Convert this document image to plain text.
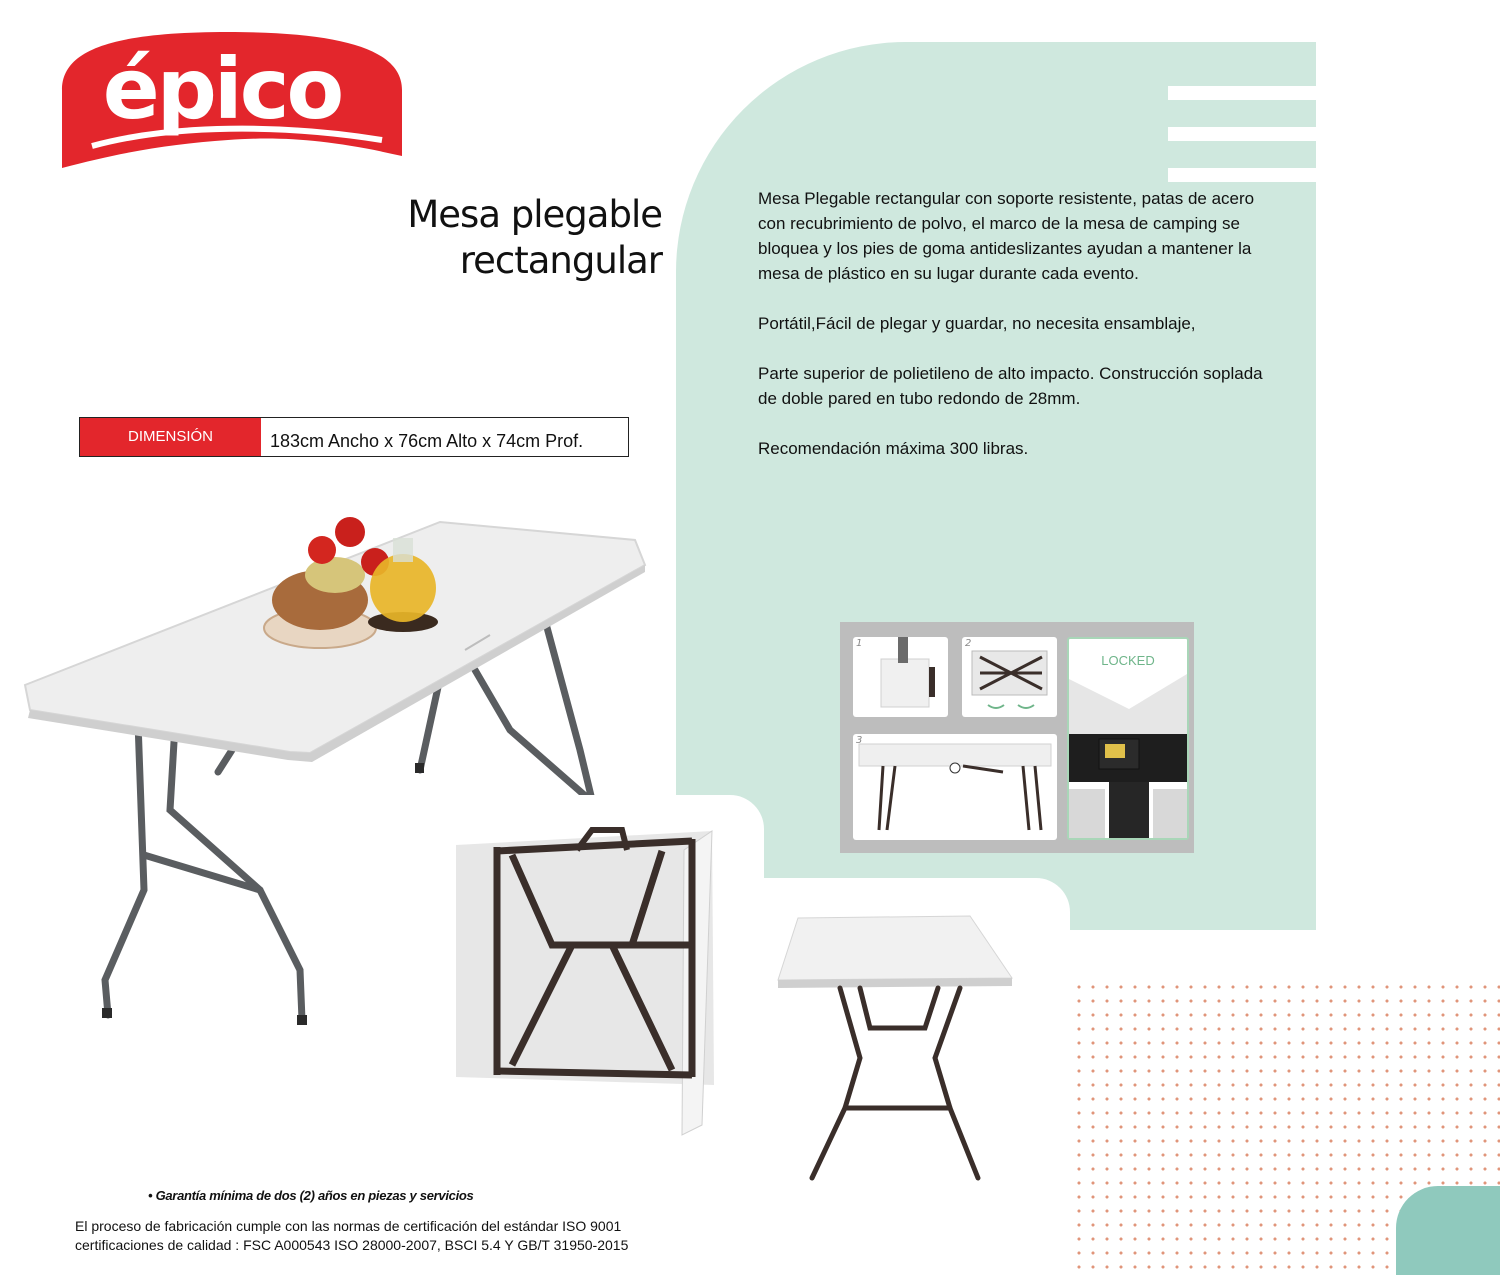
épico
Mesa plegable
rectangular
DIMENSIÓN	183cm Ancho x 76cm Alto x 74cm Prof.

Mesa Plegable rectangular con soporte resistente, patas de acero con recubrimiento de polvo, el marco de la mesa de camping se bloquea y los pies de goma antideslizantes ayudan a mantener la mesa de plástico en su lugar durante cada evento.

Portátil,Fácil de plegar y guardar, no necesita ensamblaje,

Parte superior de polietileno de alto impacto. Construcción soplada de doble pared en tubo redondo de 28mm.

Recomendación máxima 300 libras.

1	2
3
LOCKED
• Garantía mínima de dos (2) años en piezas y servicios
El proceso de fabricación cumple con las normas de certificación del estándar ISO 9001
certificaciones de calidad : FSC A000543 ISO 28000-2007, BSCI 5.4 Y GB/T 31950-2015
